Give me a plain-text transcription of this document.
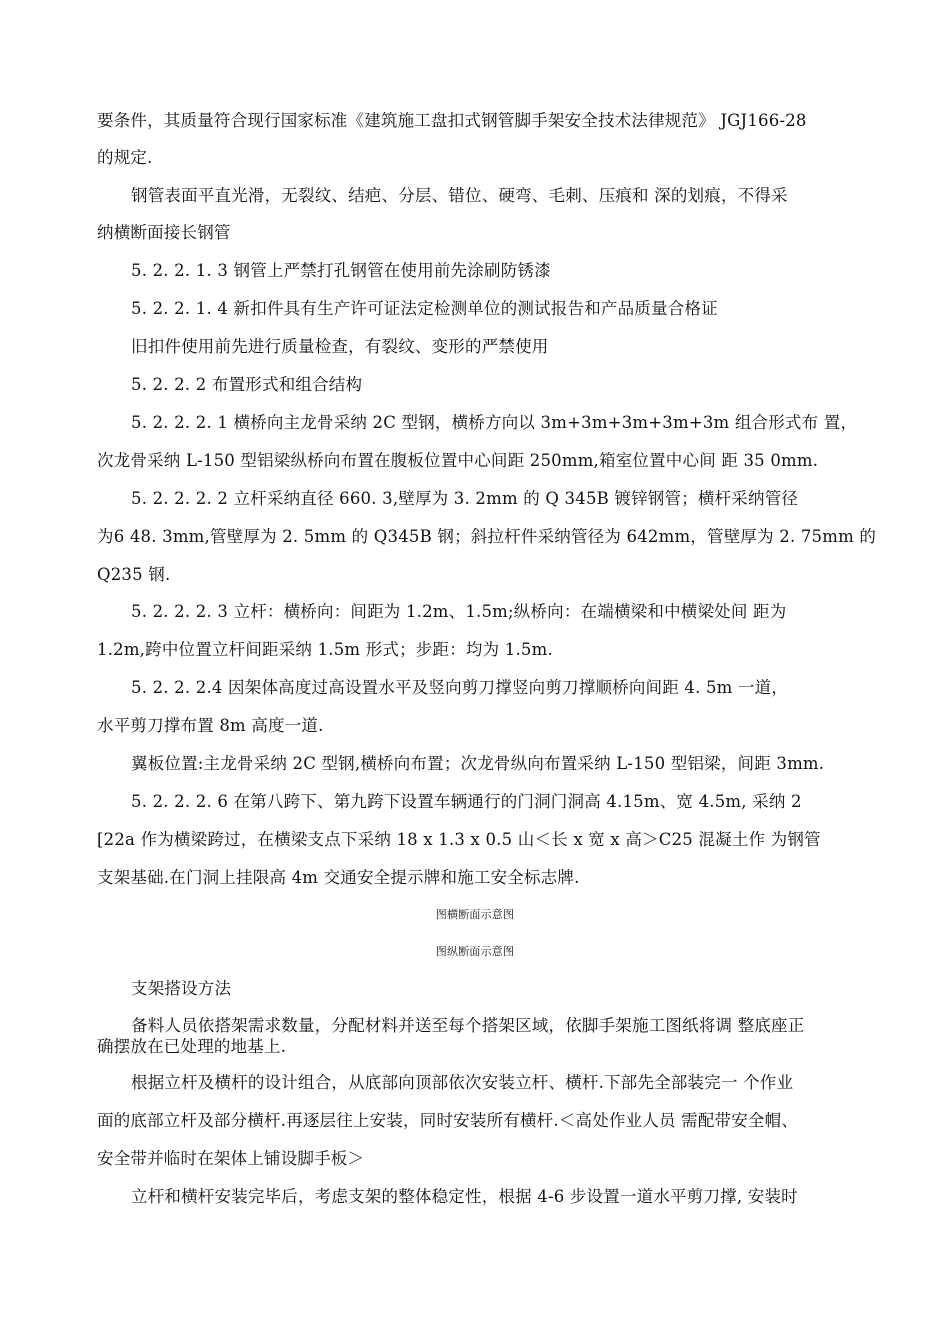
要条件，其质量符合现行国家标准《建筑施工盘扣式钢管脚手架安全技术法律规范》 JGJ166-28
的规定.
钢管表面平直光滑，无裂纹、结疤、分层、错位、硬弯、毛刺、压痕和 深的划痕，不得采
纳横断面接长钢管
5. 2. 2. 1. 3 钢管上严禁打孔钢管在使用前先涂刷防锈漆
5. 2. 2. 1. 4 新扣件具有生产许可证法定检测单位的测试报告和产品质量合格证
旧扣件使用前先进行质量检查，有裂纹、变形的严禁使用
5. 2. 2. 2 布置形式和组合结构
5. 2. 2. 2. 1 横桥向主龙骨采纳 2C 型钢，横桥方向以 3m+3m+3m+3m+3m 组合形式布 置，
次龙骨采纳 L-150 型铝梁纵桥向布置在腹板位置中心间距 250mm,箱室位置中心间 距 35 0mm.
5. 2. 2. 2. 2 立杆采纳直径 660. 3,壁厚为 3. 2mm 的 Q 345B 镀锌钢管；横杆采纳管径
为6 48. 3mm,管壁厚为 2. 5mm 的 Q345B 钢；斜拉杆件采纳管径为 642mm，管壁厚为 2. 75mm 的
Q235 钢.
5. 2. 2. 2. 3 立杆：横桥向：间距为 1.2m、1.5m;纵桥向：在端横梁和中横梁处间 距为
1.2m,跨中位置立杆间距采纳 1.5m 形式；步距：均为 1.5m.
5. 2. 2. 2.4 因架体高度过高设置水平及竖向剪刀撑竖向剪刀撑顺桥向间距 4. 5m 一道，
水平剪刀撑布置 8m 高度一道.
翼板位置:主龙骨采纳 2C 型钢,横桥向布置；次龙骨纵向布置采纳 L-150 型铝梁，间距 3mm.
5. 2. 2. 2. 6 在第八跨下、第九跨下设置车辆通行的门洞门洞高 4.15m、宽 4.5m, 采纳 2
[22a 作为横梁跨过，在横梁支点下采纳 18 x 1.3 x 0.5 山＜长 x 宽 x 高＞C25 混凝土作 为钢管
支架基础.在门洞上挂限高 4m 交通安全提示牌和施工安全标志牌.
图横断面示意图
图纵断面示意图
支架搭设方法
备料人员依搭架需求数量，分配材料并送至每个搭架区域，依脚手架施工图纸将调 整底座正
确摆放在已处理的地基上.
根据立杆及横杆的设计组合，从底部向顶部依次安装立杆、横杆.下部先全部装完一 个作业
面的底部立杆及部分横杆.再逐层往上安装，同时安装所有横杆.＜高处作业人员 需配带安全帽、
安全带并临时在架体上铺设脚手板＞
立杆和横杆安装完毕后，考虑支架的整体稳定性，根据 4-6 步设置一道水平剪刀撑, 安装时
